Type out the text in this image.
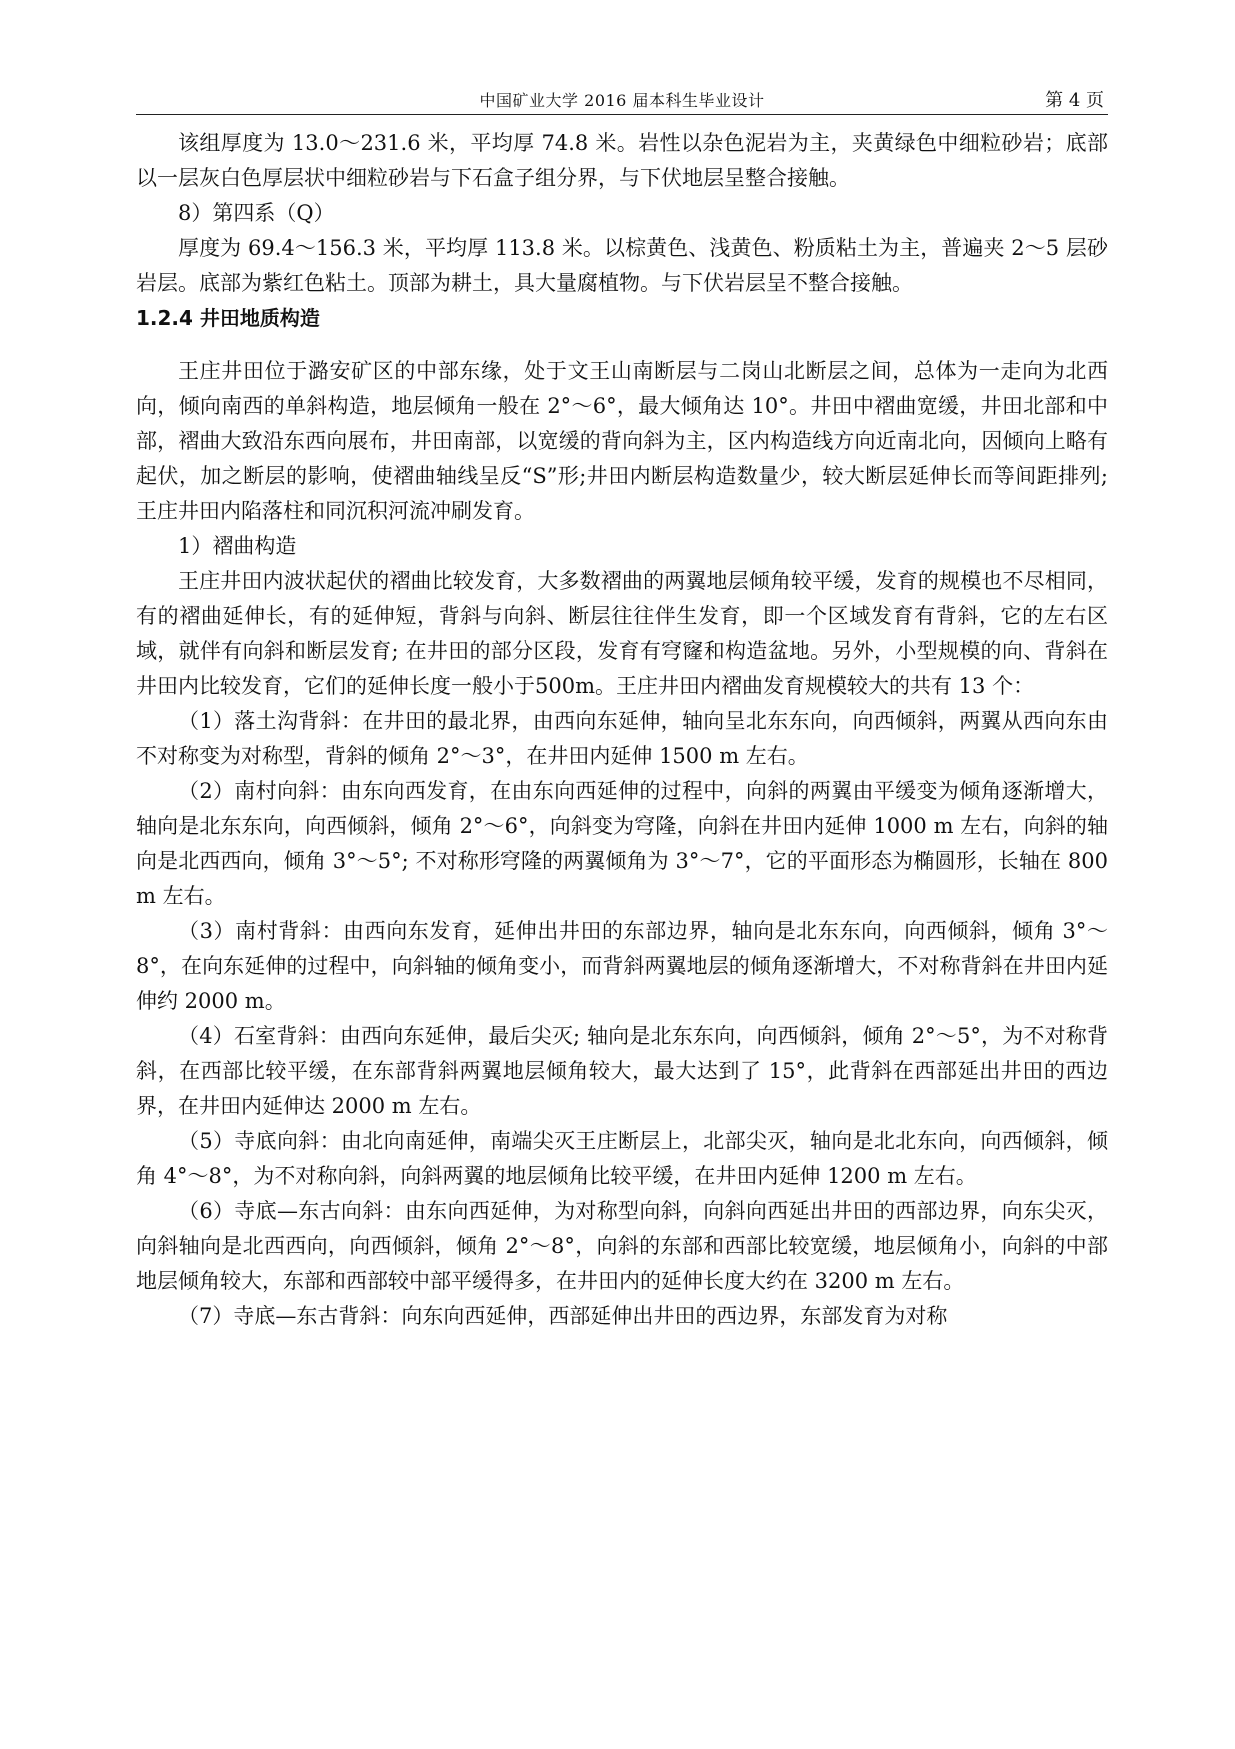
中国矿业大学 2016 届本科生毕业设计	第 4 页
该组厚度为 13.0～231.6 米，平均厚 74.8 米。岩性以杂色泥岩为主，夹黄绿色中细粒砂岩；底部以一层灰白色厚层状中细粒砂岩与下石盒子组分界，与下伏地层呈整合接触。
8）第四系（Q）
厚度为 69.4～156.3 米，平均厚 113.8 米。以棕黄色、浅黄色、粉质粘土为主，普遍夹 2～5 层砂岩层。底部为紫红色粘土。顶部为耕土，具大量腐植物。与下伏岩层呈不整合接触。
1.2.4 井田地质构造
王庄井田位于潞安矿区的中部东缘，处于文王山南断层与二岗山北断层之间，总体为一走向为北西向，倾向南西的单斜构造，地层倾角一般在 2°～6°，最大倾角达 10°。井田中褶曲宽缓，井田北部和中部，褶曲大致沿东西向展布，井田南部，以宽缓的背向斜为主，区内构造线方向近南北向，因倾向上略有起伏，加之断层的影响，使褶曲轴线呈反“S”形;井田内断层构造数量少，较大断层延伸长而等间距排列; 王庄井田内陷落柱和同沉积河流冲刷发育。
1）褶曲构造
王庄井田内波状起伏的褶曲比较发育，大多数褶曲的两翼地层倾角较平缓，发育的规模也不尽相同，有的褶曲延伸长，有的延伸短，背斜与向斜、断层往往伴生发育，即一个区域发育有背斜，它的左右区域，就伴有向斜和断层发育; 在井田的部分区段，发育有穹窿和构造盆地。另外，小型规模的向、背斜在井田内比较发育，它们的延伸长度一般小于500m。王庄井田内褶曲发育规模较大的共有 13 个：
（1）落土沟背斜：在井田的最北界，由西向东延伸，轴向呈北东东向，向西倾斜，两翼从西向东由不对称变为对称型，背斜的倾角 2°～3°，在井田内延伸 1500 m 左右。
（2）南村向斜：由东向西发育，在由东向西延伸的过程中，向斜的两翼由平缓变为倾角逐渐增大，轴向是北东东向，向西倾斜，倾角 2°～6°，向斜变为穹隆，向斜在井田内延伸 1000 m 左右，向斜的轴向是北西西向，倾角 3°～5°; 不对称形穹隆的两翼倾角为 3°～7°，它的平面形态为椭圆形，长轴在 800 m 左右。
（3）南村背斜：由西向东发育，延伸出井田的东部边界，轴向是北东东向，向西倾斜，倾角 3°～8°，在向东延伸的过程中，向斜轴的倾角变小，而背斜两翼地层的倾角逐渐增大，不对称背斜在井田内延伸约 2000 m。
（4）石室背斜：由西向东延伸，最后尖灭; 轴向是北东东向，向西倾斜，倾角 2°～5°，为不对称背斜，在西部比较平缓，在东部背斜两翼地层倾角较大，最大达到了 15°，此背斜在西部延出井田的西边界，在井田内延伸达 2000 m 左右。
（5）寺底向斜：由北向南延伸，南端尖灭王庄断层上，北部尖灭，轴向是北北东向，向西倾斜，倾角 4°～8°，为不对称向斜，向斜两翼的地层倾角比较平缓，在井田内延伸 1200 m 左右。
（6）寺底—东古向斜：由东向西延伸，为对称型向斜，向斜向西延出井田的西部边界，向东尖灭，向斜轴向是北西西向，向西倾斜，倾角 2°～8°，向斜的东部和西部比较宽缓，地层倾角小，向斜的中部地层倾角较大，东部和西部较中部平缓得多，在井田内的延伸长度大约在 3200 m 左右。
（7）寺底—东古背斜：向东向西延伸，西部延伸出井田的西边界，东部发育为对称
